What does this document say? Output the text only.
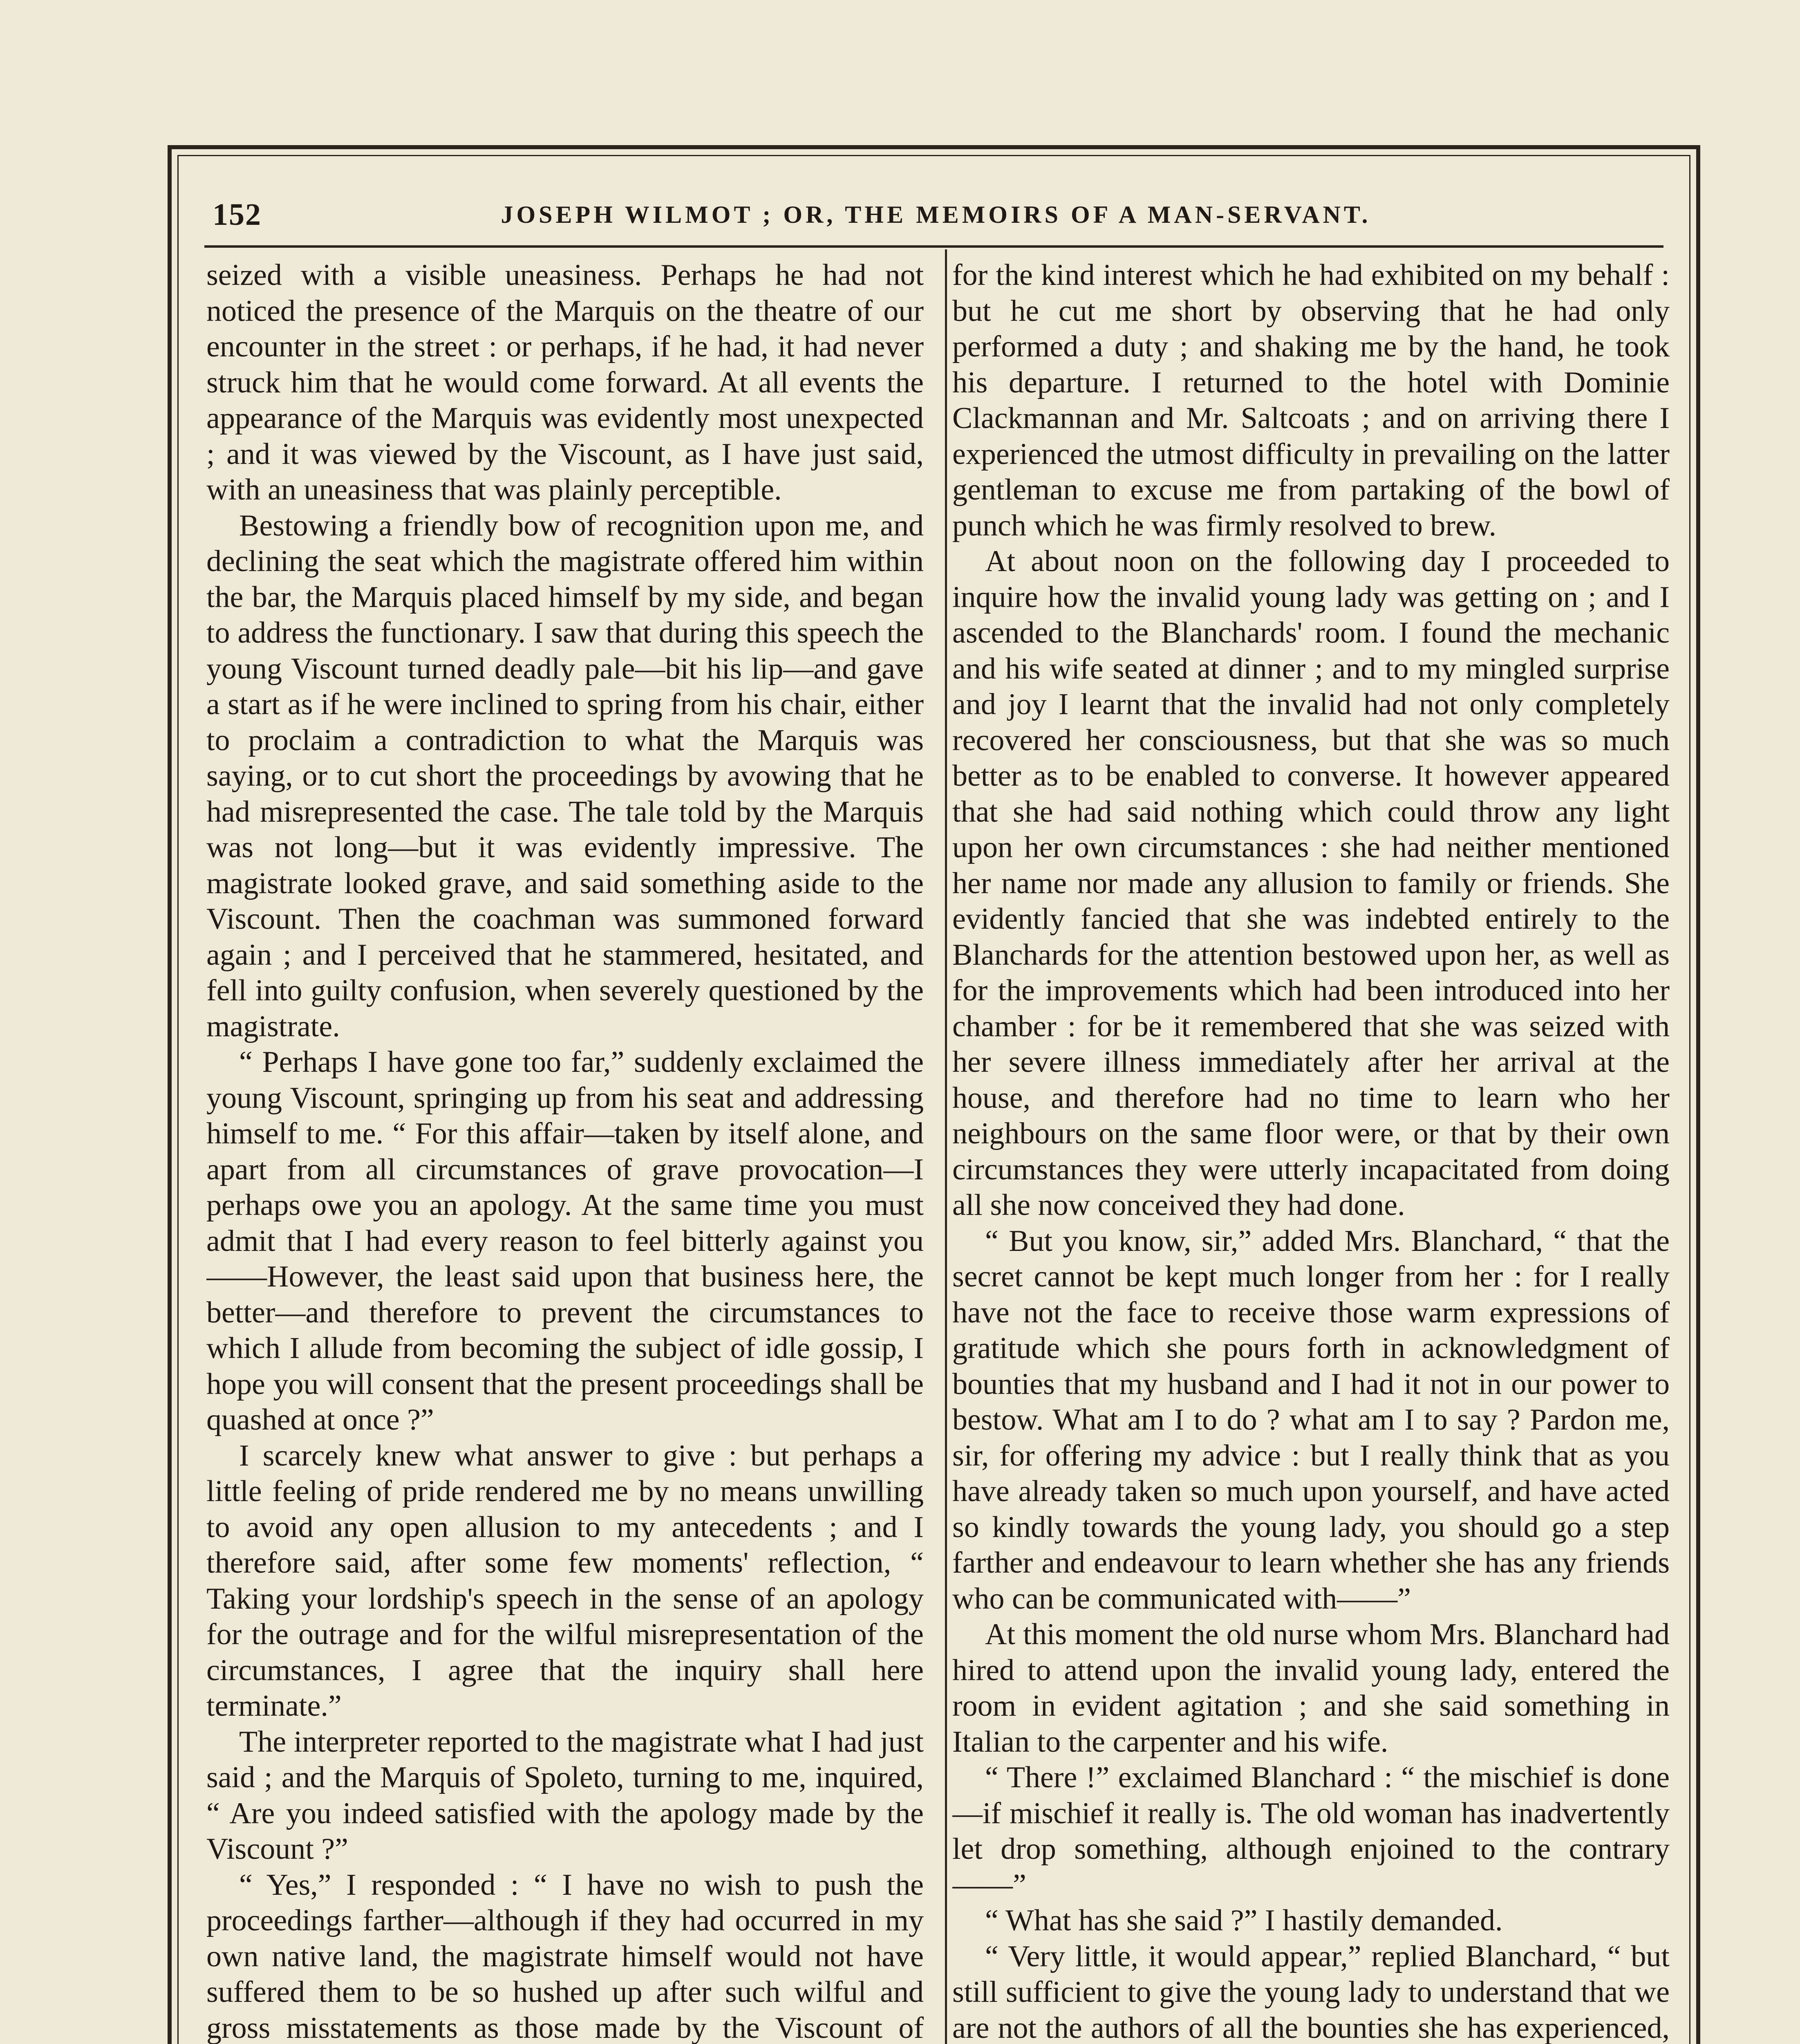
152	JOSEPH WILMOT ; OR, THE MEMOIRS OF A MAN-SERVANT.

seized with a visible uneasiness. Perhaps he had not noticed the presence of the Marquis on the theatre of our encounter in the street : or perhaps, if he had, it had never struck him that he would come forward. At all events the appearance of the Marquis was evidently most unexpected ; and it was viewed by the Viscount, as I have just said, with an uneasiness that was plainly perceptible.

Bestowing a friendly bow of recognition upon me, and declining the seat which the magistrate offered him within the bar, the Marquis placed himself by my side, and began to address the functionary. I saw that during this speech the young Viscount turned deadly pale—bit his lip—and gave a start as if he were inclined to spring from his chair, either to proclaim a contradiction to what the Marquis was saying, or to cut short the proceedings by avowing that he had misrepresented the case. The tale told by the Marquis was not long—but it was evidently impressive. The magistrate looked grave, and said something aside to the Viscount. Then the coachman was summoned forward again ; and I perceived that he stammered, hesitated, and fell into guilty confusion, when severely questioned by the magistrate.

“ Perhaps I have gone too far,” suddenly exclaimed the young Viscount, springing up from his seat and addressing himself to me. “ For this affair—taken by itself alone, and apart from all circumstances of grave provocation—I perhaps owe you an apology. At the same time you must admit that I had every reason to feel bitterly against you——However, the least said upon that business here, the better—and therefore to prevent the circumstances to which I allude from becoming the subject of idle gossip, I hope you will consent that the present proceedings shall be quashed at once ?”

I scarcely knew what answer to give : but perhaps a little feeling of pride rendered me by no means unwilling to avoid any open allusion to my antecedents ; and I therefore said, after some few moments' reflection, “ Taking your lordship's speech in the sense of an apology for the outrage and for the wilful misrepresentation of the circumstances, I agree that the inquiry shall here terminate.”

The interpreter reported to the magistrate what I had just said ; and the Marquis of Spoleto, turning to me, inquired, “ Are you indeed satisfied with the apology made by the Viscount ?”

“ Yes,” I responded : “ I have no wish to push the proceedings farther—although if they had occurred in my own native land, the magistrate himself would not have suffered them to be so hushed up after such wilful and gross misstatements as those made by the Viscount of

for the kind interest which he had exhibited on my behalf : but he cut me short by observing that he had only performed a duty ; and shaking me by the hand, he took his departure. I returned to the hotel with Dominie Clackmannan and Mr. Saltcoats ; and on arriving there I experienced the utmost difficulty in prevailing on the latter gentleman to excuse me from partaking of the bowl of punch which he was firmly resolved to brew.

At about noon on the following day I proceeded to inquire how the invalid young lady was getting on ; and I ascended to the Blanchards' room. I found the mechanic and his wife seated at dinner ; and to my mingled surprise and joy I learnt that the invalid had not only completely recovered her consciousness, but that she was so much better as to be enabled to converse. It however appeared that she had said nothing which could throw any light upon her own circumstances : she had neither mentioned her name nor made any allusion to family or friends. She evidently fancied that she was indebted entirely to the Blanchards for the attention bestowed upon her, as well as for the improvements which had been introduced into her chamber : for be it remembered that she was seized with her severe illness immediately after her arrival at the house, and therefore had no time to learn who her neighbours on the same floor were, or that by their own circumstances they were utterly incapacitated from doing all she now conceived they had done.

“ But you know, sir,” added Mrs. Blanchard, “ that the secret cannot be kept much longer from her : for I really have not the face to receive those warm expressions of gratitude which she pours forth in acknowledgment of bounties that my husband and I had it not in our power to bestow. What am I to do ? what am I to say ? Pardon me, sir, for offering my advice : but I really think that as you have already taken so much upon yourself, and have acted so kindly towards the young lady, you should go a step farther and endeavour to learn whether she has any friends who can be communicated with——”

At this moment the old nurse whom Mrs. Blanchard had hired to attend upon the invalid young lady, entered the room in evident agitation ; and she said something in Italian to the carpenter and his wife.

“ There !” exclaimed Blanchard : “ the mischief is done—if mischief it really is. The old woman has inadvertently let drop something, although enjoined to the contrary——”

“ What has she said ?” I hastily demanded.

“ Very little, it would appear,” replied Blanchard, “ but still sufficient to give the young lady to understand that we are not the authors of all the bounties she has experienced,
